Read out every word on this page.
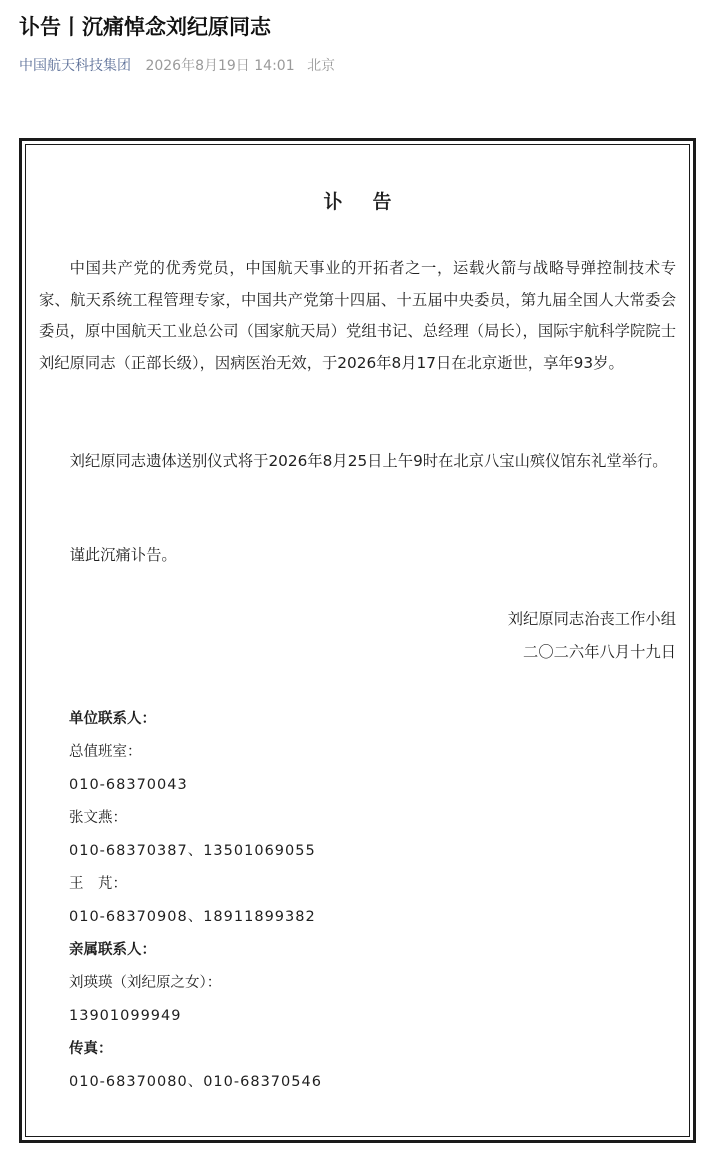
讣告丨沉痛悼念刘纪原同志
中国航天科技集团 2026年8月19日 14:01 北京
讣告

中国共产党的优秀党员，中国航天事业的开拓者之一，运载火箭与战略导弹控制技术专家、航天系统工程管理专家，中国共产党第十四届、十五届中央委员，第九届全国人大常委会委员，原中国航天工业总公司（国家航天局）党组书记、总经理（局长），国际宇航科学院院士刘纪原同志（正部长级），因病医治无效，于2026年8月17日在北京逝世，享年93岁。

刘纪原同志遗体送别仪式将于2026年8月25日上午9时在北京八宝山殡仪馆东礼堂举行。

谨此沉痛讣告。

刘纪原同志治丧工作小组
二〇二六年八月十九日
单位联系人：
总值班室：
010-68370043
张文燕：
010-68370387、13501069055
王　芃：
010-68370908、18911899382
亲属联系人：
刘瑛瑛（刘纪原之女）：
13901099949
传真：
010-68370080、010-68370546
